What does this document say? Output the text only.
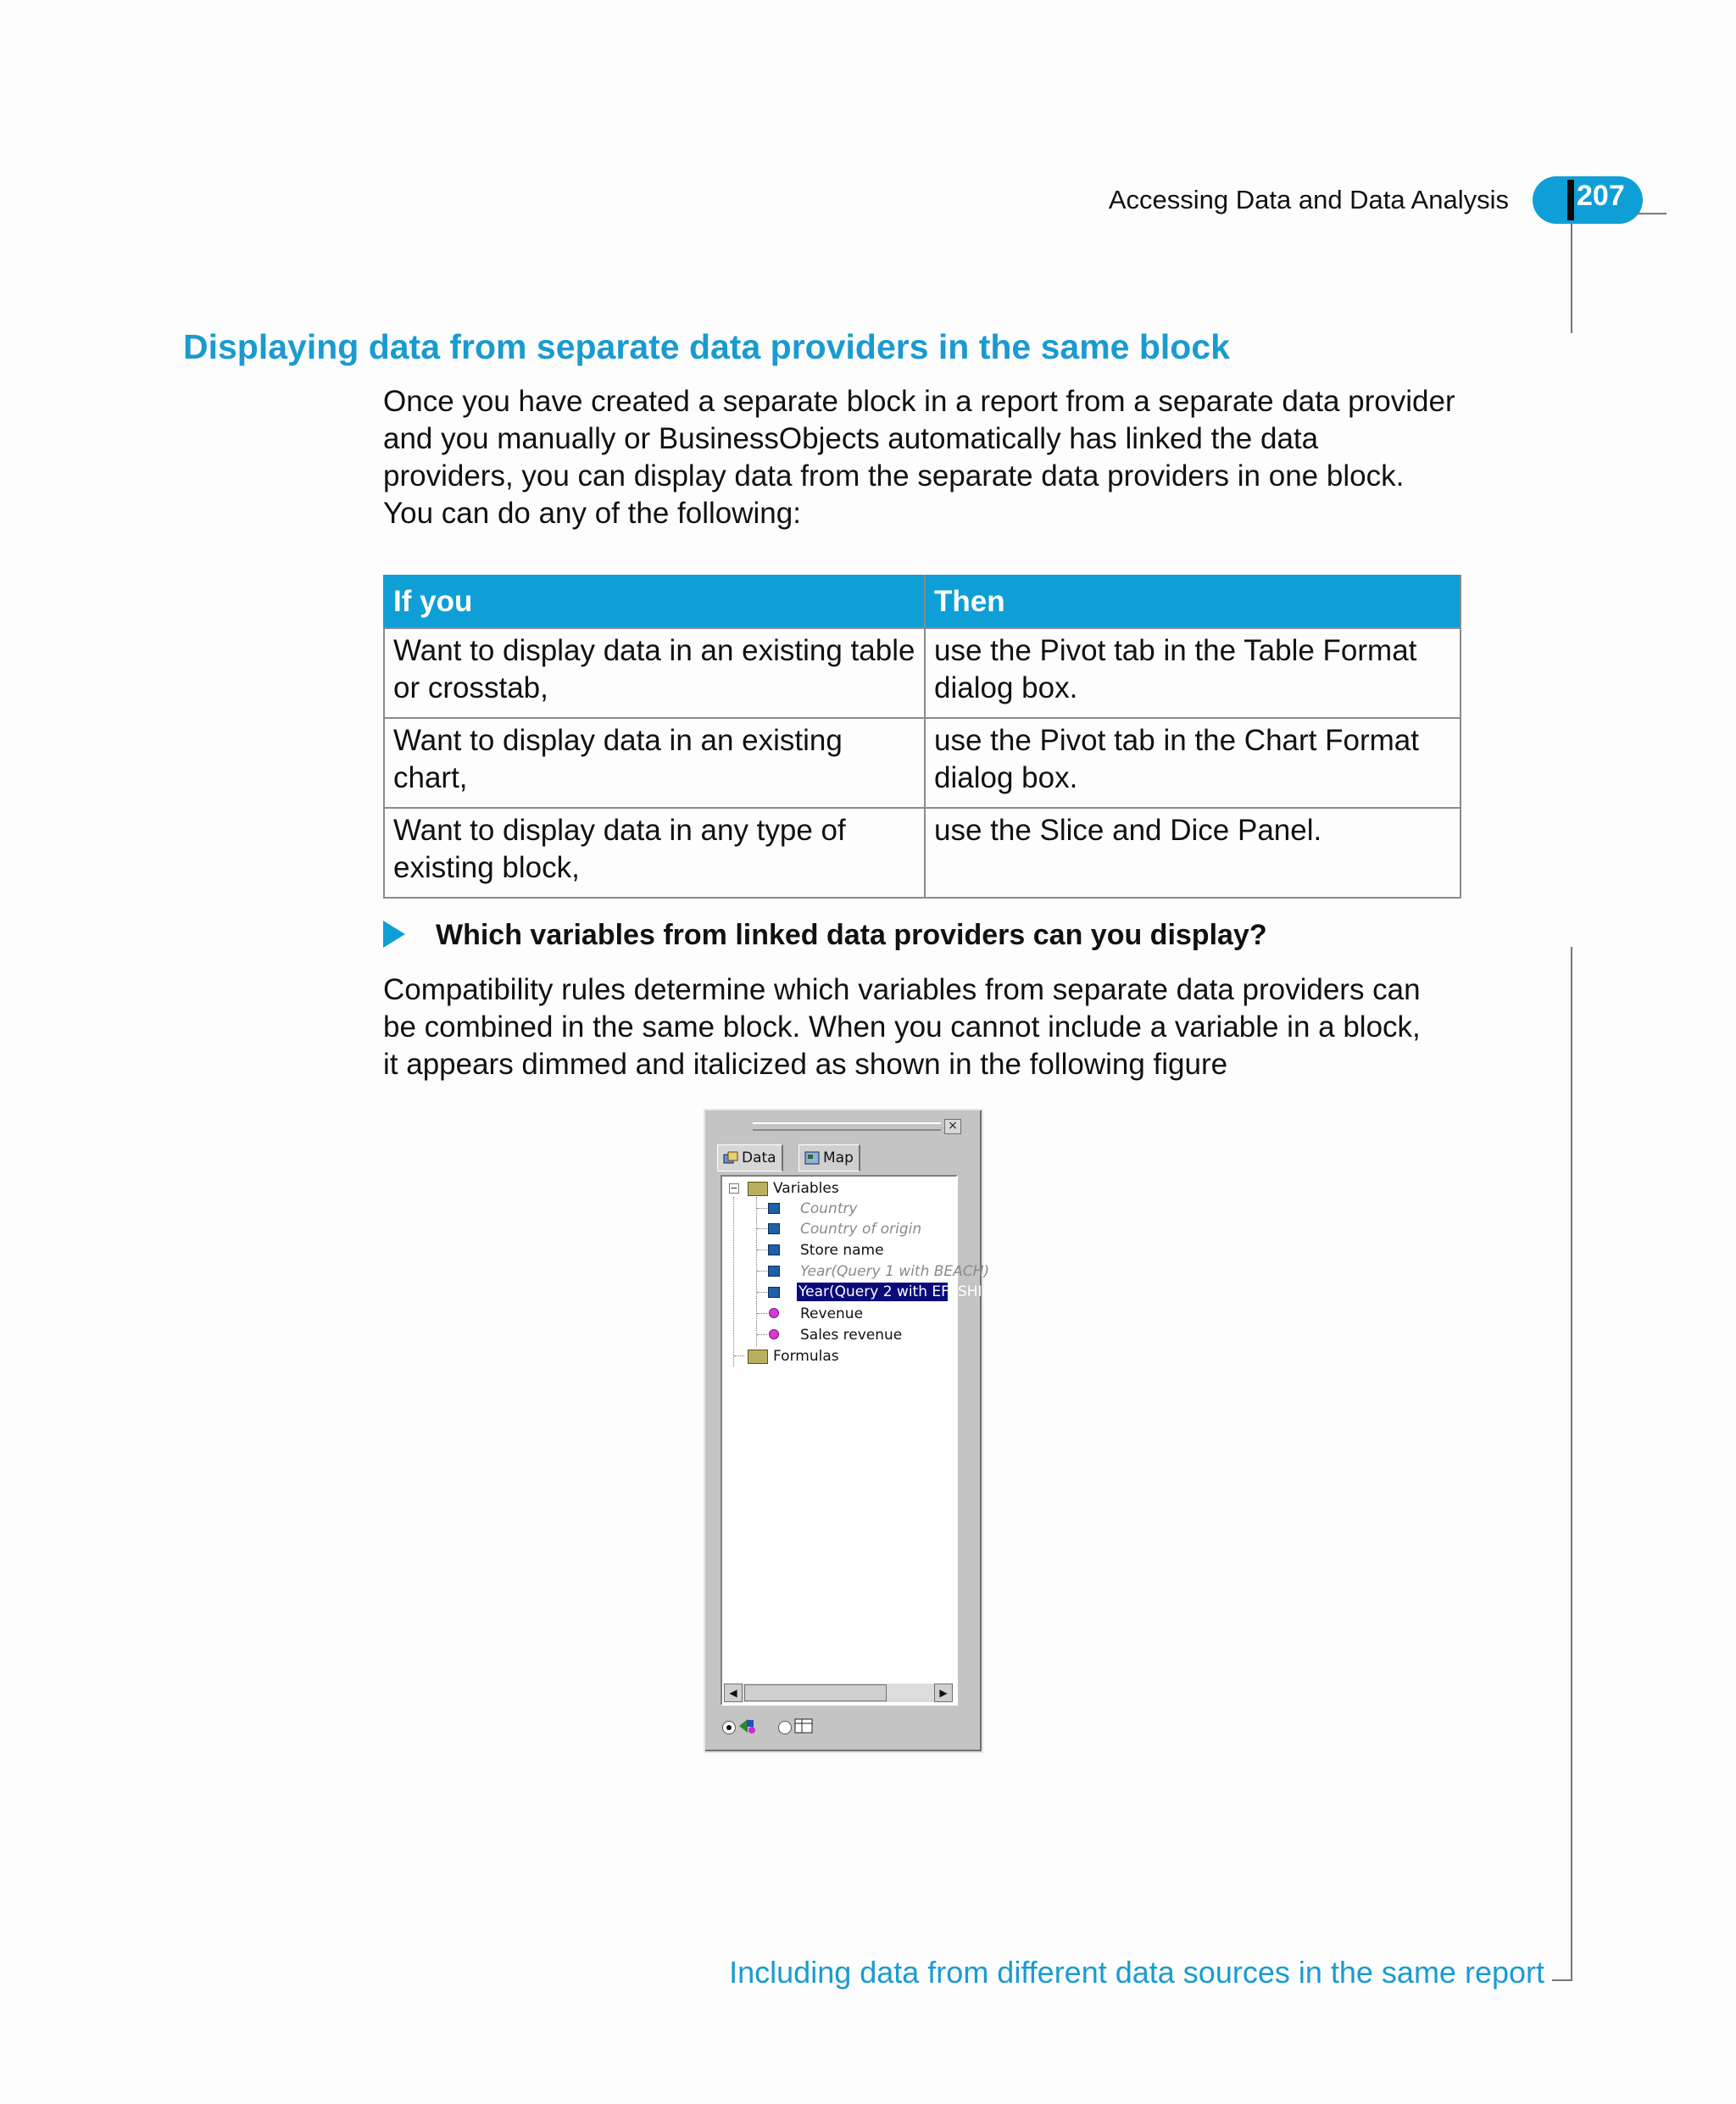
Accessing Data and Data Analysis 207
Displaying data from separate data providers in the same block
Once you have created a separate block in a report from a separate data provider
and you manually or BusinessObjects automatically has linked the data
providers, you can display data from the separate data providers in one block.
You can do any of the following:
If you	Then
Want to display data in an existing table or crosstab,	use the Pivot tab in the Table Format dialog box.
Want to display data in an existing chart,	use the Pivot tab in the Chart Format dialog box.
Want to display data in any type of existing block,	use the Slice and Dice Panel.
Which variables from linked data providers can you display?
Compatibility rules determine which variables from separate data providers can
be combined in the same block. When you cannot include a variable in a block,
it appears dimmed and italicized as shown in the following figure
×
Data	Map
− Variables
Country
Country of origin
Store name
Year(Query 1 with BEACH)
Year(Query 2 with EFASHION)
Revenue
Sales revenue
Formulas
◀	▶
Including data from different data sources in the same report
